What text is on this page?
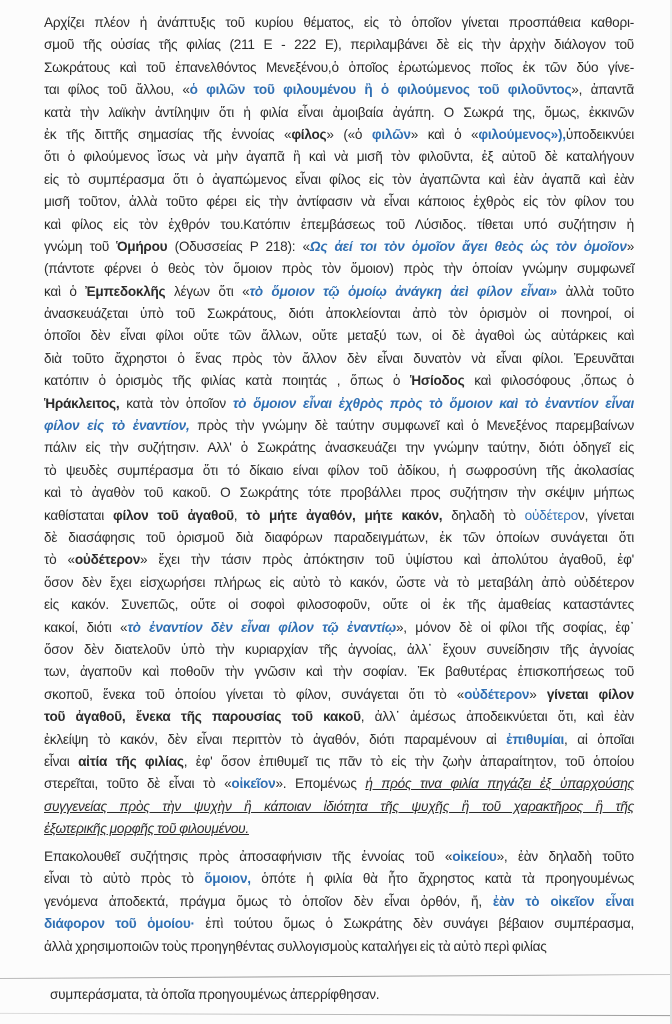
Αρχίζει πλέον ἡ ἀνάπτυξις τοῦ κυρίου θέματος, εἰς τὸ ὁποῖον γίνεται προσπάθεια καθορι-
σμοῦ τῆς οὐσίας τῆς φιλίας (211 Ε - 222 Ε), περιλαμβάνει δὲ εἰς τὴν ἀρχὴν διάλογον τοῦ
Σωκράτους καὶ τοῦ ἐπανελθόντος Μενεξένου,ὁ ὁποῖος ἐρωτώμενος ποῖος ἐκ τῶν δύο γίνε-
ται φίλος τοῦ ἄλλου, «ὁ φιλῶν τοῦ φιλουμένου ἢ ὁ φιλούμενος τοῦ φιλοῦντος», ἀπαντᾶ
κατὰ τὴν λαϊκὴν ἀντίληψιν ὅτι ἡ φιλία εἶναι ἀμοιβαία ἀγάπη. Ο Σωκρά της, ὅμως, ἐκκινῶν
ἐκ τῆς διττῆς σημασίας τῆς ἐννοίας «φίλος» («ὁ φιλῶν» καὶ ὁ «φιλούμενος»),ὑποδεικνύει
ὅτι ὁ φιλούμενος ἴσως νὰ μὴν ἀγαπᾶ ἢ καὶ νὰ μισῆ τὸν φιλοῦντα, ἐξ αὐτοῦ δὲ καταλήγουν
εἰς τὸ συμπέρασμα ὅτι ὁ ἀγαπώμενος εἶναι φίλος εἰς τὸν ἀγαπῶντα καὶ ἐὰν ἀγαπᾶ καὶ ἐὰν
μισῆ τοῦτον, ἀλλὰ τοῦτο φέρει εἰς τὴν ἀντίφασιν νὰ εἶναι κάποιος ἐχθρὸς εἰς τὸν φίλον του
καὶ φίλος εἰς τὸν ἐχθρόν του.Κατόπιν ἐπεμβάσεως τοῦ Λύσιδος. τίθεται υπό συζήτησιν ἡ
γνώμη τοῦ Ὁμήρου (Οδυσσείας Ρ 218): «Ως ἀεί τοι τὸν ὁμοῖον ἄγει θεὸς ὡς τὸν ὁμοῖον»
(πάντοτε φέρνει ὁ θεὸς τὸν ὅμοιον πρὸς τὸν ὅμοιον) πρὸς τὴν ὁποίαν γνώμην συμφωνεῖ
καὶ ὁ Ἐμπεδοκλῆς λέγων ὅτι «τὸ ὅμοιον τῷ ὁμοίῳ ἀνάγκη ἀεὶ φίλον εἶναι» ἀλλὰ τοῦτο
ἀνασκευάζεται ὑπὸ τοῦ Σωκράτους, διότι ἀποκλείονται ἀπὸ τὸν ὁρισμὸν οἱ πονηροί, οἱ
ὁποῖοι δὲν εἶναι φίλοι οὔτε τῶν ἄλλων, οὔτε μεταξύ των, οἱ δὲ ἀγαθοὶ ὡς αὐτάρκεις καὶ
διὰ τοῦτο ἄχρηστοι ὁ ἕνας πρὸς τὸν ἄλλον δὲν εἶναι δυνατὸν νὰ εἶναι φίλοι. Ἐρευνᾶται
κατόπιν ὁ ὁρισμὸς τῆς φιλίας κατὰ ποιητάς , ὅπως ὁ Ἡσίοδος καὶ φιλοσόφους ,ὅπως ὁ
Ἡράκλειτος, κατὰ τὸν ὁποῖον τὸ ὅμοιον εἶναι ἐχθρὸς πρὸς τὸ ὅμοιον καὶ τὸ ἐναντίον εἶναι
φίλον εἰς τὸ ἐναντίον, πρὸς τὴν γνώμην δὲ ταύτην συμφωνεῖ καὶ ὁ Μενεξένος παρεμβαίνων
πάλιν εἰς τὴν συζήτησιν. Αλλ' ὁ Σωκράτης ἀνασκευάζει την γνώμην ταύτην, διότι ὁδηγεῖ εἰς
τὸ ψευδὲς συμπέρασμα ὅτι τό δίκαιο είναι φίλον τοῦ ἀδίκου, ἡ σωφροσύνη τῆς ἀκολασίας
καὶ τὸ ἀγαθὸν τοῦ κακοῦ. Ο Σωκράτης τότε προβάλλει προς συζήτησιν τὴν σκέψιν μήπως
καθίσταται φίλον τοῦ ἀγαθοῦ, τὸ μήτε ἀγαθόν, μήτε κακόν, δηλαδὴ τὸ οὐδέτερον, γίνεται
δὲ διασάφησις τοῦ ὁρισμοῦ διὰ διαφόρων παραδειγμάτων, ἐκ τῶν ὁποίων συνάγεται ὅτι
τὸ «οὐδέτερον» ἔχει τὴν τάσιν πρὸς ἀπόκτησιν τοῦ ὑψίστου καὶ ἀπολύτου ἀγαθοῦ, ἐφ'
ὅσον δὲν ἔχει εἰσχωρήσει πλήρως εἰς αὐτὸ τὸ κακόν, ὥστε νὰ τὸ μεταβάλη ἀπὸ οὐδέτερον
εἰς κακόν. Συνεπῶς, οὔτε οἱ σοφοὶ φιλοσοφοῦν, οὔτε οἱ ἐκ τῆς ἀμαθείας καταστάντες
κακοί, διότι «τὸ ἐναντίον δὲν εἶναι φίλον τῷ ἐναντίῳ», μόνον δὲ οἱ φίλοι τῆς σοφίας, ἐφ᾽
ὅσον δὲν διατελοῦν ὑπὸ τὴν κυριαρχίαν τῆς ἀγνοίας, ἀλλ᾽ ἔχουν συνείδησιν τῆς ἀγνοίας
των, ἀγαποῦν καὶ ποθοῦν τὴν γνῶσιν καὶ τὴν σοφίαν. Ἐκ βαθυτέρας ἐπισκοπήσεως τοῦ
σκοποῦ, ἕνεκα τοῦ ὁποίου γίνεται τὸ φίλον, συνάγεται ὅτι τὸ «οὐδέτερον» γίνεται φίλον
τοῦ ἀγαθοῦ, ἕνεκα τῆς παρουσίας τοῦ κακοῦ, ἀλλ᾽ ἀμέσως ἀποδεικνύεται ὅτι, καὶ ἐὰν
ἐκλείψη τὸ κακόν, δὲν εἶναι περιττὸν τὸ ἀγαθόν, διότι παραμένουν αἱ ἐπιθυμίαι, αἱ ὁποῖαι
εἶναι αἰτία τῆς φιλίας, ἐφ' ὅσον ἐπιθυμεῖ τις πᾶν τὸ εἰς τὴν ζωὴν ἀπαραίτητον, τοῦ ὁποίου
στερεῖται, τοῦτο δὲ εἶναι τὸ «οἰκεῖον». Επομένως ἡ πρός τινα φιλία πηγάζει ἐξ ὑπαρχούσης
συγγενείας πρὸς τὴν ψυχὴν ἢ κάποιαν ἰδιότητα τῆς ψυχῆς ἢ τοῦ χαρακτῆρος ἢ τῆς
ἐξωτερικῆς μορφῆς τοῦ φιλουμένου.
Επακολουθεῖ συζήτησις πρὸς ἀποσαφήνισιν τῆς ἐννοίας τοῦ «οἰκείου», ἐὰν δηλαδὴ τοῦτο
εἶναι τὸ αὐτὸ πρὸς τὸ ὅμοιον, ὁπότε ἡ φιλία θὰ ἦτο ἄχρηστος κατὰ τὰ προηγουμένως
γενόμενα ἀποδεκτά, πράγμα ὅμως τὸ ὁποῖον δὲν εἶναι ὀρθόν, ἤ, ἐὰν τὸ οἰκεῖον εἶναι
διάφορον τοῦ ὁμοίου· ἐπὶ τούτου ὅμως ὁ Σωκράτης δὲν συνάγει βέβαιον συμπέρασμα,
ἀλλὰ χρησιμοποιῶν τοὺς προηγηθέντας συλλογισμοὺς καταλήγει εἰς τὰ αὐτὸ περὶ φιλίας
συμπεράσματα, τὰ ὁποῖα προηγουμένως ἀπερρίφθησαν.
